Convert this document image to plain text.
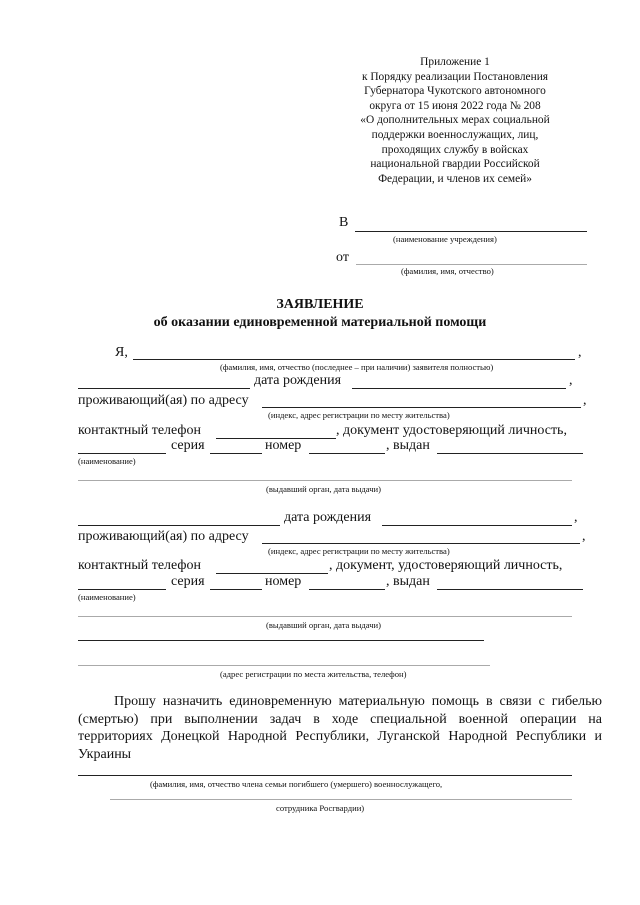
Приложение 1
к Порядку реализации Постановления
Губернатора Чукотского автономного
округа от 15 июня 2022 года № 208
«О дополнительных мерах социальной
поддержки военнослужащих, лиц,
проходящих службу в войсках
национальной гвардии Российской
Федерации, и членов их семей»
В
(наименование учреждения)
от
(фамилия, имя, отчество)
ЗАЯВЛЕНИЕ
об оказании единовременной материальной помощи
Я,	,
(фамилия, имя, отчество (последнее – при наличии) заявителя полностью)
дата рождения	,
проживающий(ая) по адресу	,
(индекс, адрес регистрации по месту жительства)
контактный телефон	, документ удостоверяющий личность,
серия	номер	, выдан
(наименование)
(выдавший орган, дата выдачи)
дата рождения	,
проживающий(ая) по адресу	,
(индекс, адрес регистрации по месту жительства)
контактный телефон	, документ, удостоверяющий личность,
серия	номер	, выдан
(наименование)
(выдавший орган, дата выдачи)
(адрес регистрации по места жительства, телефон)
Прошу назначить единовременную материальную помощь в связи с гибелью (смертью) при выполнении задач в ходе специальной военной операции на территориях Донецкой Народной Республики, Луганской Народной Республики и Украины
(фамилия, имя, отчество члена семьи погибшего (умершего) военнослужащего,
сотрудника Росгвардии)
